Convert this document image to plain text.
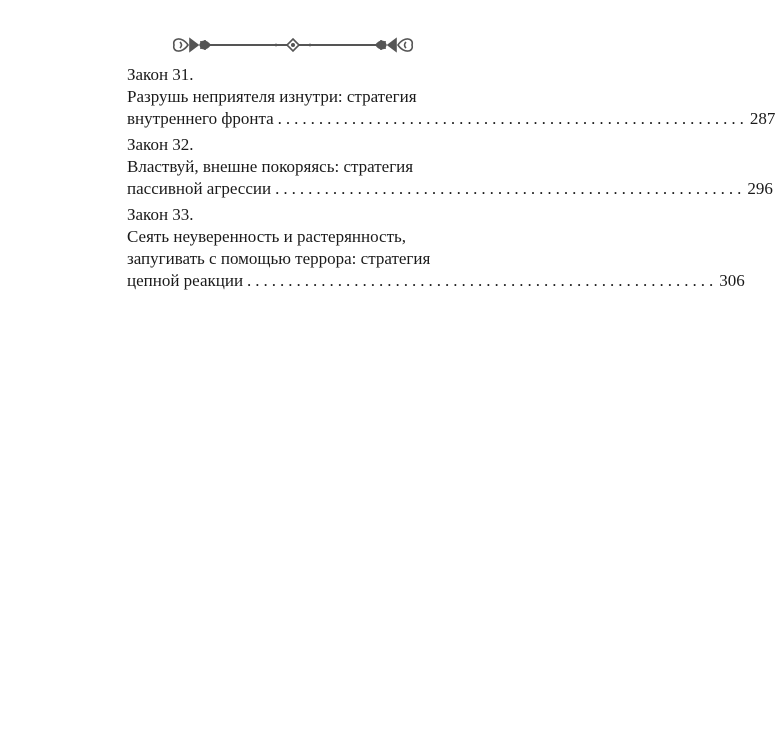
Закон 31.
Разрушь неприятеля изнутри: стратегия
внутреннего фронта ......................................................... 287
Закон 32.
Властвуй, внешне покоряясь: стратегия
пассивной агрессии ......................................................... 296
Закон 33.
Сеять неуверенность и растерянность,
запугивать с помощью террора: стратегия
цепной реакции ......................................................... 306
